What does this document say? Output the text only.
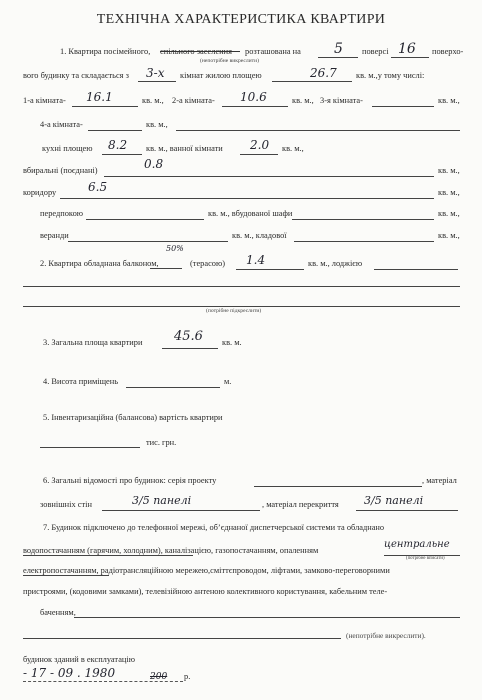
ТЕХНІЧНА ХАРАКТЕРИСТИКА КВАРТИРИ
1. Квартира посімейного, спільного заселення розташована на 5 поверсі 16 поверхо-
(непотрібне викреслити)
вого будинку та складається з 3-х кімнат жилою площею	26.7 кв. м.,у тому числі:
1-а кімната- 16.1	кв. м., 2-а кімната- 10.6	кв. м., 3-я кімната-	кв. м.,
4-а кімната-	кв. м.,
кухні площею 8.2 кв. м., ванної кімнати 2.0 кв. м.,
вбиральні (поєднані)	0.8	кв. м.,
коридору	6.5	кв. м.,
передпокою	кв. м., вбудованої шафи	кв. м.,
веранди	кв. м., кладової	кв. м.,
2. Квартира обладнана балконом,
50%
(терасою) 1.4	кв. м., лоджією
(потрібне підкреслити)
3. Загальна площа квартири 45.6 кв. м.
4. Висота приміщень	м.
5. Інвентаризаційна (балансова) вартість квартири
тис. грн.
6. Загальні відомості про будинок: серія проекту	, матеріал
зовнішніх стін	3/5 панелі	, матеріал перекриття 3/5 панелі
7. Будинок підключено до телефонної мережі, об’єднаної диспетчерської системи та обладнано
водопостачанням (гарячим, холодним), каналізацією, газопостачанням, опаленням
центральне
(потрібне вписати)
електропостачанням, радіотрансляційною мережею,сміттєпроводом, ліфтами, замково-переговорними
пристроями, (кодовими замками), телевізійною антеною колективного користування, кабельним теле-
баченням,
(непотрібне викреслити).
будинок зданий в експлуатацію
- 17 - 09 . 1980	200 р.
